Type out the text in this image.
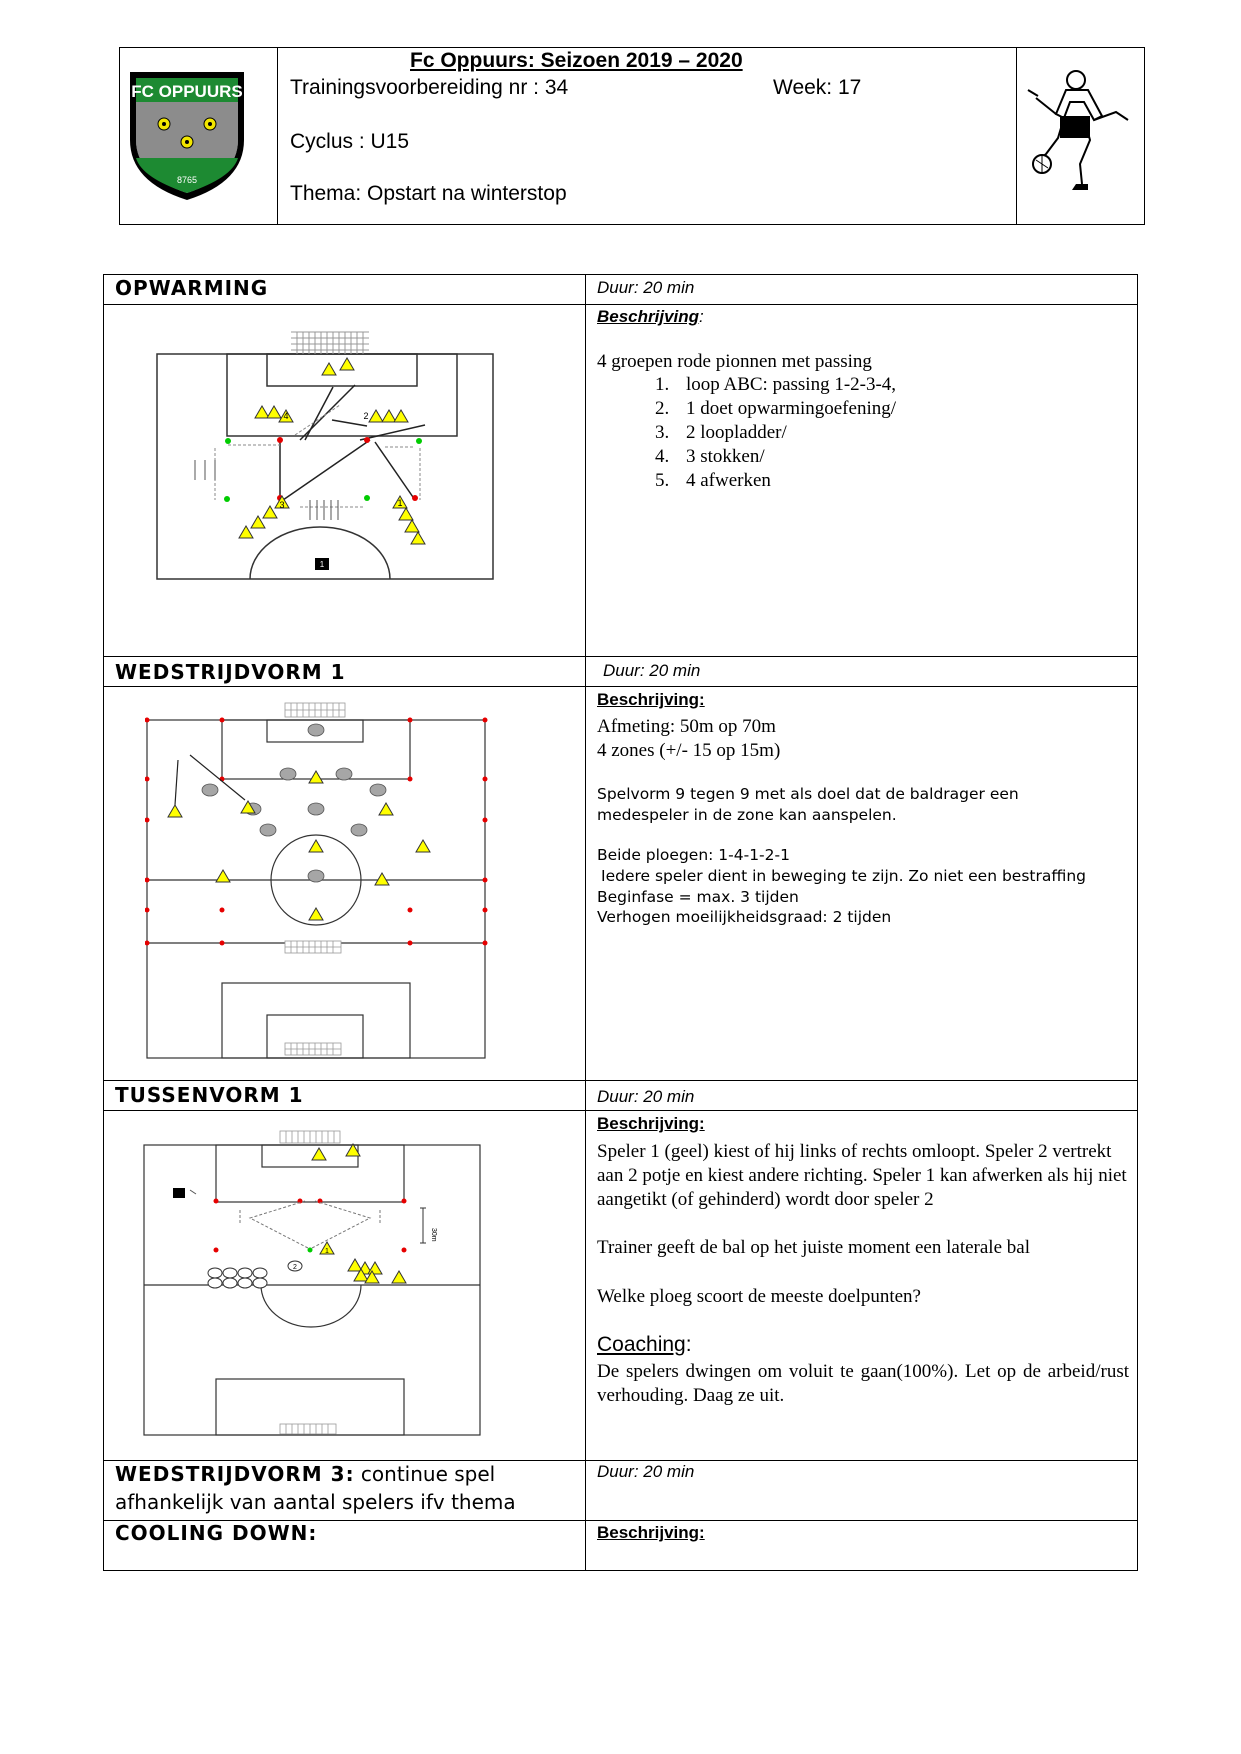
FC OPPUURS
8765
Fc Oppuurs: Seizoen 2019 – 2020
Trainingsvoorbereiding nr : 34	Week: 17
Cyclus : U15
Thema: Opstart na winterstop
OPWARMING	Duur: 20 min
Beschrijving:
4 groepen rode pionnen met passing
1. loop ABC: passing 1-2-3-4,
2. 1 doet opwarmingoefening/
3. 2 loopladder/
4. 3 stokken/
5. 4 afwerken
4	2
3	1
1
WEDSTRIJDVORM 1	Duur: 20 min
Beschrijving:
Afmeting: 50m op 70m
4 zones (+/- 15 op 15m)
Spelvorm 9 tegen 9 met als doel dat de baldrager een medespeler in de zone kan aanspelen.
Beide ploegen: 1-4-1-2-1
Iedere speler dient in beweging te zijn. Zo niet een bestraffing
Beginfase = max. 3 tijden
Verhogen moeilijkheidsgraad: 2 tijden
TUSSENVORM 1	Duur: 20 min
Beschrijving:
Speler 1 (geel) kiest of hij links of rechts omloopt. Speler 2 vertrekt aan 2 potje en kiest andere richting. Speler 1 kan afwerken als hij niet aangetikt (of gehinderd) wordt door speler 2
Trainer geeft de bal op het juiste moment een laterale bal
Welke ploeg scoort de meeste doelpunten?
Coaching:
De spelers dwingen om voluit te gaan(100%). Let op de arbeid/rust verhouding. Daag ze uit.
30m
1
2
WEDSTRIJDVORM 3: continue spel afhankelijk van aantal spelers ifv thema
Duur: 20 min
COOLING DOWN:	Beschrijving:
